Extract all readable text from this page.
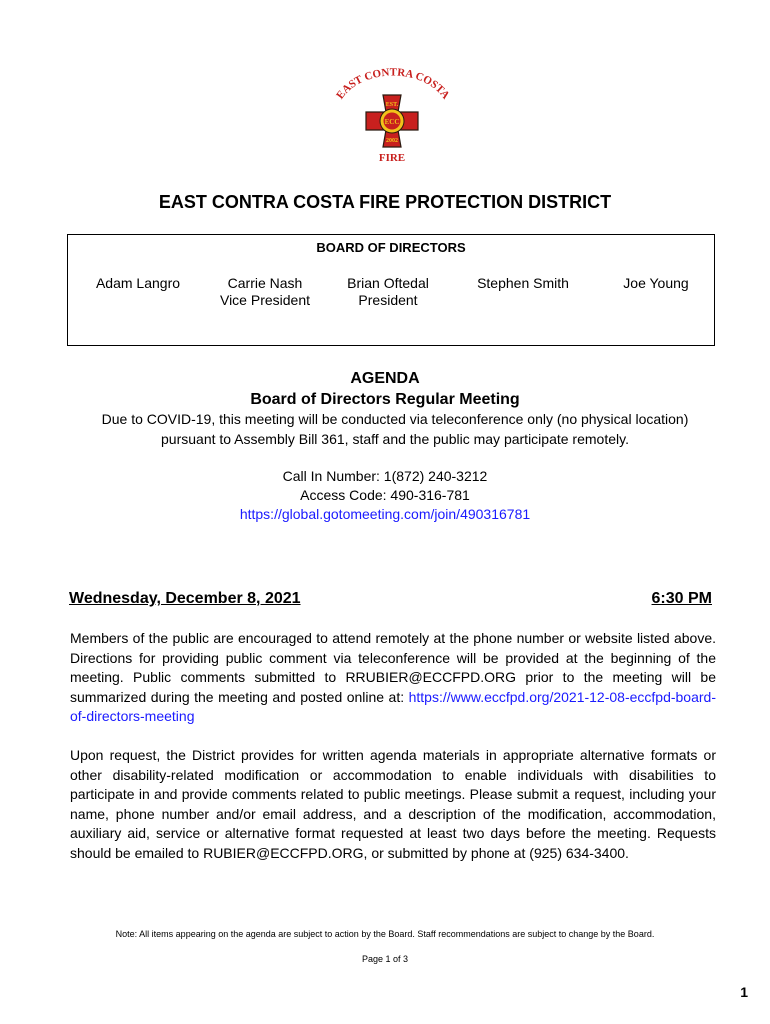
EAST CONTRA COSTA
EST.
ECC
2002
FIRE
EAST CONTRA COSTA FIRE PROTECTION DISTRICT
BOARD OF DIRECTORS
Adam Langro	Carrie Nash
Vice President
Brian Oftedal
President
Stephen Smith	Joe Young
AGENDA
Board of Directors Regular Meeting
Due to COVID-19, this meeting will be conducted via teleconference only (no physical location) pursuant to Assembly Bill 361, staff and the public may participate remotely.
Call In Number: 1(872) 240-3212
Access Code: 490-316-781
https://global.gotomeeting.com/join/490316781
Wednesday, December 8, 2021	6:30 PM
Members of the public are encouraged to attend remotely at the phone number or website listed above. Directions for providing public comment via teleconference will be provided at the beginning of the meeting. Public comments submitted to RRUBIER@ECCFPD.ORG prior to the meeting will be summarized during the meeting and posted online at: https://www.eccfpd.org/2021-12-08-eccfpd-board-of-directors-meeting
Upon request, the District provides for written agenda materials in appropriate alternative formats or other disability-related modification or accommodation to enable individuals with disabilities to participate in and provide comments related to public meetings. Please submit a request, including your name, phone number and/or email address, and a description of the modification, accommodation, auxiliary aid, service or alternative format requested at least two days before the meeting. Requests should be emailed to RUBIER@ECCFPD.ORG, or submitted by phone at (925) 634-3400.
Note: All items appearing on the agenda are subject to action by the Board. Staff recommendations are subject to change by the Board.
Page 1 of 3
1
